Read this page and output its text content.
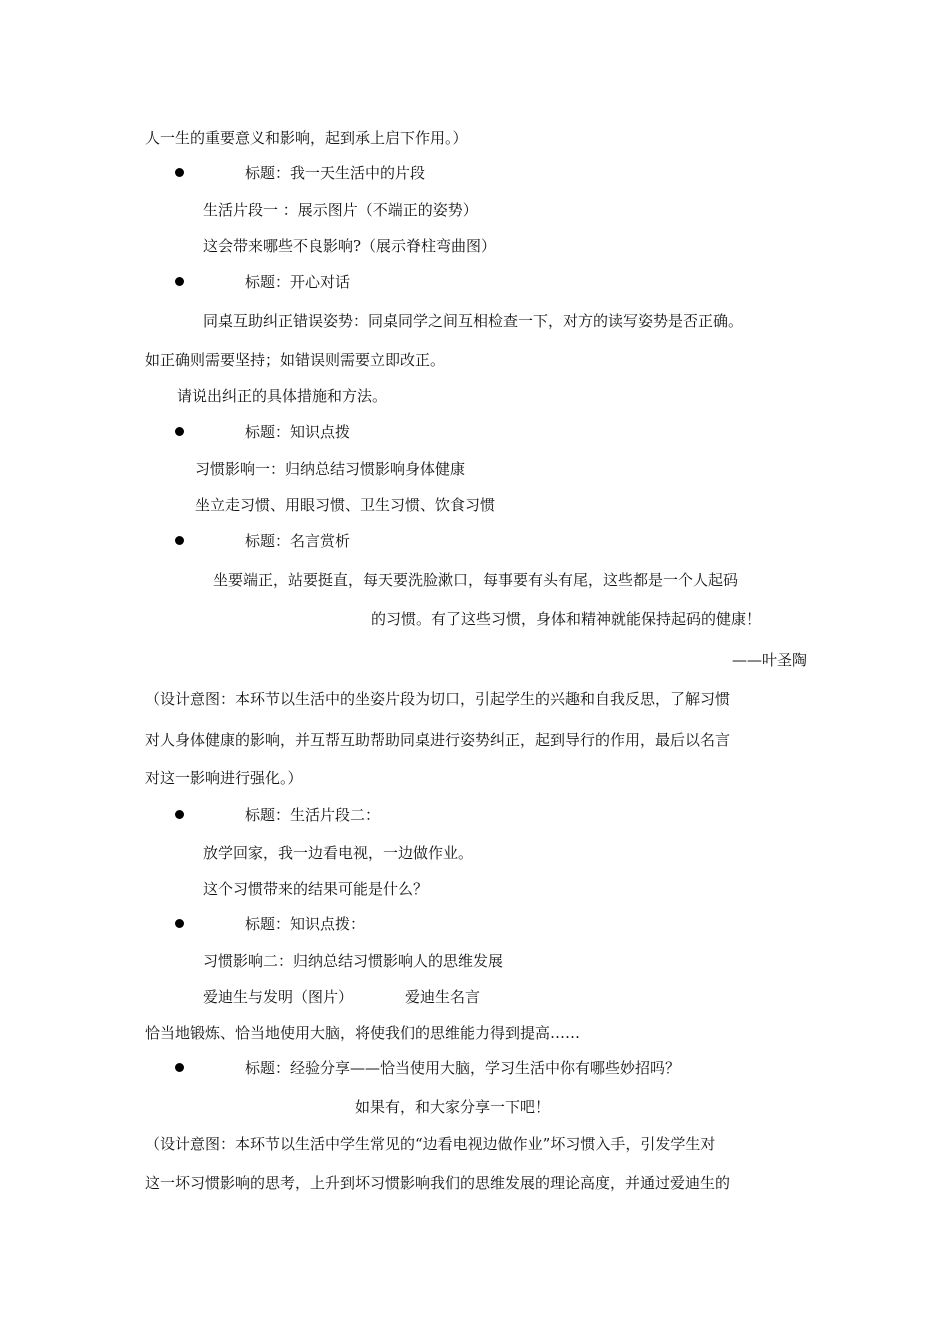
人一生的重要意义和影响，起到承上启下作用。）
标题：我一天生活中的片段
生活片段一 ：展示图片（不端正的姿势）
这会带来哪些不良影响?（展示脊柱弯曲图）
标题：开心对话
同桌互助纠正错误姿势：同桌同学之间互相检查一下，对方的读写姿势是否正确。
如正确则需要坚持；如错误则需要立即改正。
请说出纠正的具体措施和方法。
标题：知识点拨
习惯影响一：归纳总结习惯影响身体健康
坐立走习惯、用眼习惯、卫生习惯、饮食习惯
标题：名言赏析
坐要端正，站要挺直，每天要洗脸漱口，每事要有头有尾，这些都是一个人起码
的习惯。有了这些习惯，身体和精神就能保持起码的健康！
——叶圣陶
（设计意图：本环节以生活中的坐姿片段为切口，引起学生的兴趣和自我反思，了解习惯
对人身体健康的影响，并互帮互助帮助同桌进行姿势纠正，起到导行的作用，最后以名言
对这一影响进行强化。）
标题：生活片段二：
放学回家，我一边看电视，一边做作业。
这个习惯带来的结果可能是什么？
标题：知识点拨：
习惯影响二：归纳总结习惯影响人的思维发展
爱迪生与发明（图片）	爱迪生名言
恰当地锻炼、恰当地使用大脑，将使我们的思维能力得到提高……
标题：经验分享——恰当使用大脑，学习生活中你有哪些妙招吗？
如果有，和大家分享一下吧！
（设计意图：本环节以生活中学生常见的“边看电视边做作业”坏习惯入手，引发学生对
这一坏习惯影响的思考，上升到坏习惯影响我们的思维发展的理论高度，并通过爱迪生的
